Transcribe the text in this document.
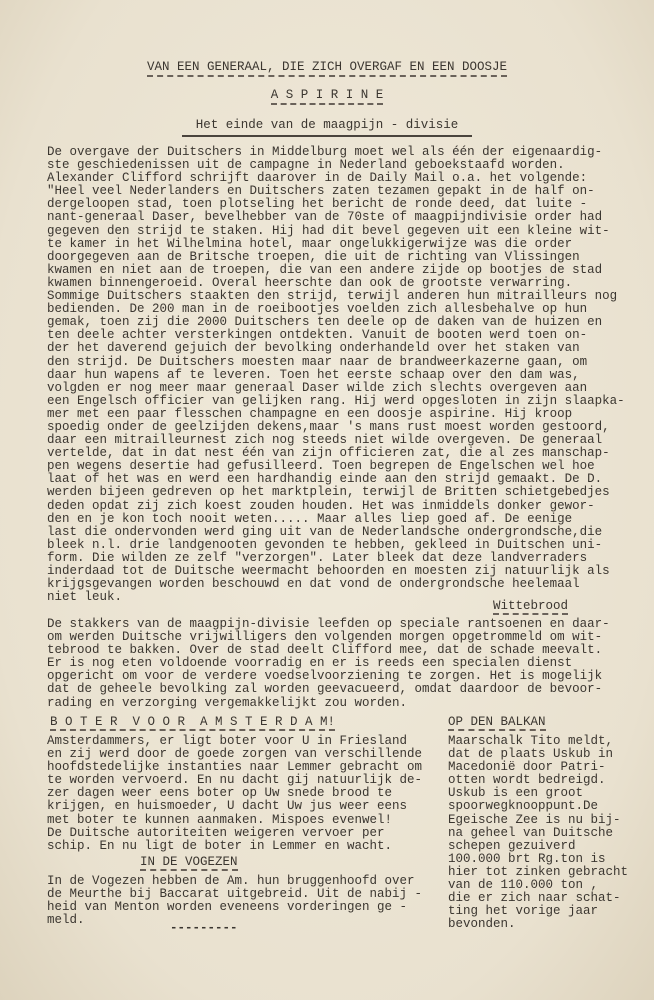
VAN EEN GENERAAL, DIE ZICH OVERGAF EN EEN DOOSJE
A S P I R I N E
Het einde van de maagpijn - divisie
De overgave der Duitschers in Middelburg moet wel als één der eigenaardig-
ste geschiedenissen uit de campagne in Nederland geboekstaafd worden.
Alexander Clifford schrijft daarover in de Daily Mail o.a. het volgende:
"Heel veel Nederlanders en Duitschers zaten tezamen gepakt in de half on-
dergeloopen stad, toen plotseling het bericht de ronde deed, dat luite -
nant-generaal Daser, bevelhebber van de 70ste of maagpijndivisie order had
gegeven den strijd te staken. Hij had dit bevel gegeven uit een kleine wit-
te kamer in het Wilhelmina hotel, maar ongelukkigerwijze was die order
doorgegeven aan de Britsche troepen, die uit de richting van Vlissingen
kwamen en niet aan de troepen, die van een andere zijde op bootjes de stad
kwamen binnengeroeid. Overal heerschte dan ook de grootste verwarring.
Sommige Duitschers staakten den strijd, terwijl anderen hun mitrailleurs nog
bedienden. De 200 man in de roeibootjes voelden zich allesbehalve op hun
gemak, toen zij die 2000 Duitschers ten deele op de daken van de huizen en
ten deele achter versterkingen ontdekten. Vanuit de booten werd toen on-
der het daverend gejuich der bevolking onderhandeld over het staken van
den strijd. De Duitschers moesten maar naar de brandweerkazerne gaan, om
daar hun wapens af te leveren. Toen het eerste schaap over den dam was,
volgden er nog meer maar generaal Daser wilde zich slechts overgeven aan
een Engelsch officier van gelijken rang. Hij werd opgesloten in zijn slaapka-
mer met een paar flesschen champagne en een doosje aspirine. Hij kroop
spoedig onder de geelzijden dekens,maar 's mans rust moest worden gestoord,
daar een mitrailleurnest zich nog steeds niet wilde overgeven. De generaal
vertelde, dat in dat nest één van zijn officieren zat, die al zes manschap-
pen wegens desertie had gefusilleerd. Toen begrepen de Engelschen wel hoe
laat of het was en werd een hardhandig einde aan den strijd gemaakt. De D.
werden bijeen gedreven op het marktplein, terwijl de Britten schietgebedjes
deden opdat zij zich koest zouden houden. Het was inmiddels donker gewor-
den en je kon toch nooit weten..... Maar alles liep goed af. De eenige
last die ondervonden werd ging uit van de Nederlandsche ondergrondsche,die
bleek n.l. drie landgenooten gevonden te hebben, gekleed in Duitschen uni-
form. Die wilden ze zelf "verzorgen". Later bleek dat deze landverraders
inderdaad tot de Duitsche weermacht behoorden en moesten zij natuurlijk als
krijgsgevangen worden beschouwd en dat vond de ondergrondsche heelemaal
niet leuk.
Wittebrood
De stakkers van de maagpijn-divisie leefden op speciale rantsoenen en daar-
om werden Duitsche vrijwilligers den volgenden morgen opgetrommeld om wit-
tebrood te bakken. Over de stad deelt Clifford mee, dat de schade meevalt.
Er is nog eten voldoende voorradig en er is reeds een specialen dienst
opgericht om voor de verdere voedselvoorziening te zorgen. Het is mogelijk
dat de geheele bevolking zal worden geevacueerd, omdat daardoor de bevoor-
rading en verzorging vergemakkelijkt zou worden.
B O T E R  V O O R  A M S T E R D A M!
Amsterdammers, er ligt boter voor U in Friesland
en zij werd door de goede zorgen van verschillende
hoofdstedelijke instanties naar Lemmer gebracht om
te worden vervoerd. En nu dacht gij natuurlijk de-
zer dagen weer eens boter op Uw snede brood te
krijgen, en huismoeder, U dacht Uw jus weer eens
met boter te kunnen aanmaken. Mispoes evenwel!
De Duitsche autoriteiten weigeren vervoer per
schip. En nu ligt de boter in Lemmer en wacht.
IN DE VOGEZEN
In de Vogezen hebben de Am. hun bruggenhoofd over
de Meurthe bij Baccarat uitgebreid. Uit de nabij -
heid van Menton worden eveneens vorderingen ge -
meld.
---------
OP DEN BALKAN
Maarschalk Tito meldt,
dat de plaats Uskub in
Macedonië door Patri-
otten wordt bedreigd.
Uskub is een groot
spoorwegknooppunt.De
Egeische Zee is nu bij-
na geheel van Duitsche
schepen gezuiverd
100.000 brt Rg.ton is
hier tot zinken gebracht
van de 110.000 ton ,
die er zich naar schat-
ting het vorige jaar
bevonden.
